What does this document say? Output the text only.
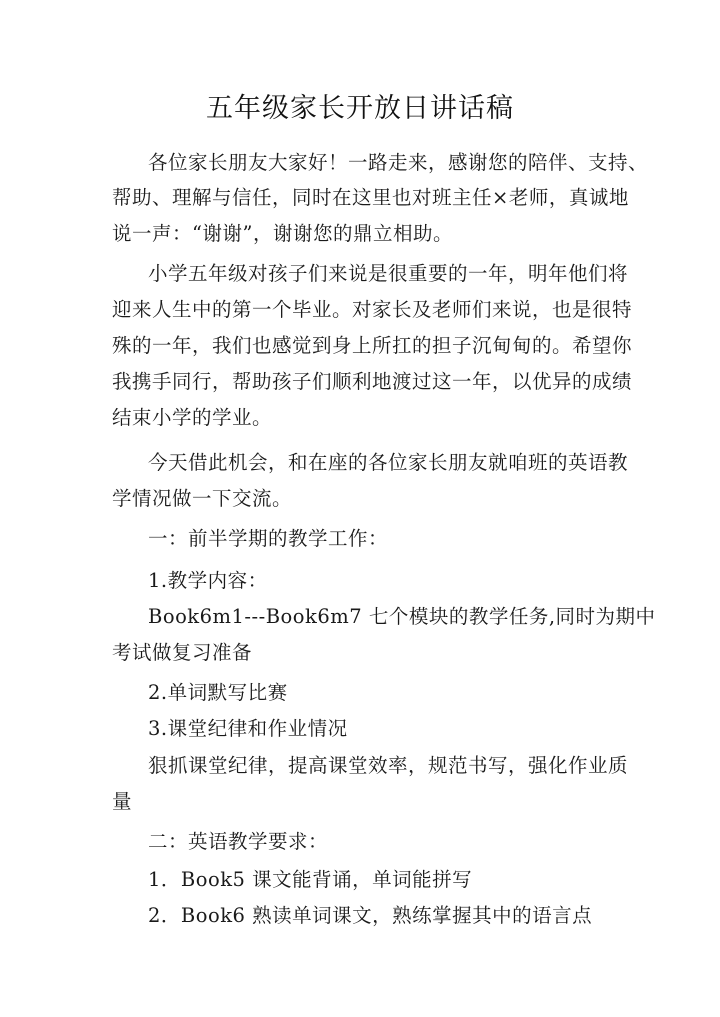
五年级家长开放日讲话稿
各位家长朋友大家好！一路走来，感谢您的陪伴、支持、
帮助、理解与信任，同时在这里也对班主任×老师，真诚地
说一声：“谢谢”，谢谢您的鼎立相助。
小学五年级对孩子们来说是很重要的一年，明年他们将
迎来人生中的第一个毕业。对家长及老师们来说，也是很特
殊的一年，我们也感觉到身上所扛的担子沉甸甸的。希望你
我携手同行，帮助孩子们顺利地渡过这一年，以优异的成绩
结束小学的学业。
今天借此机会，和在座的各位家长朋友就咱班的英语教
学情况做一下交流。
一：前半学期的教学工作：
1.教学内容：
Book6m1---Book6m7 七个模块的教学任务,同时为期中
考试做复习准备
2.单词默写比赛
3.课堂纪律和作业情况
狠抓课堂纪律，提高课堂效率，规范书写，强化作业质
量
二：英语教学要求：
1．Book5 课文能背诵，单词能拼写
2．Book6 熟读单词课文，熟练掌握其中的语言点
